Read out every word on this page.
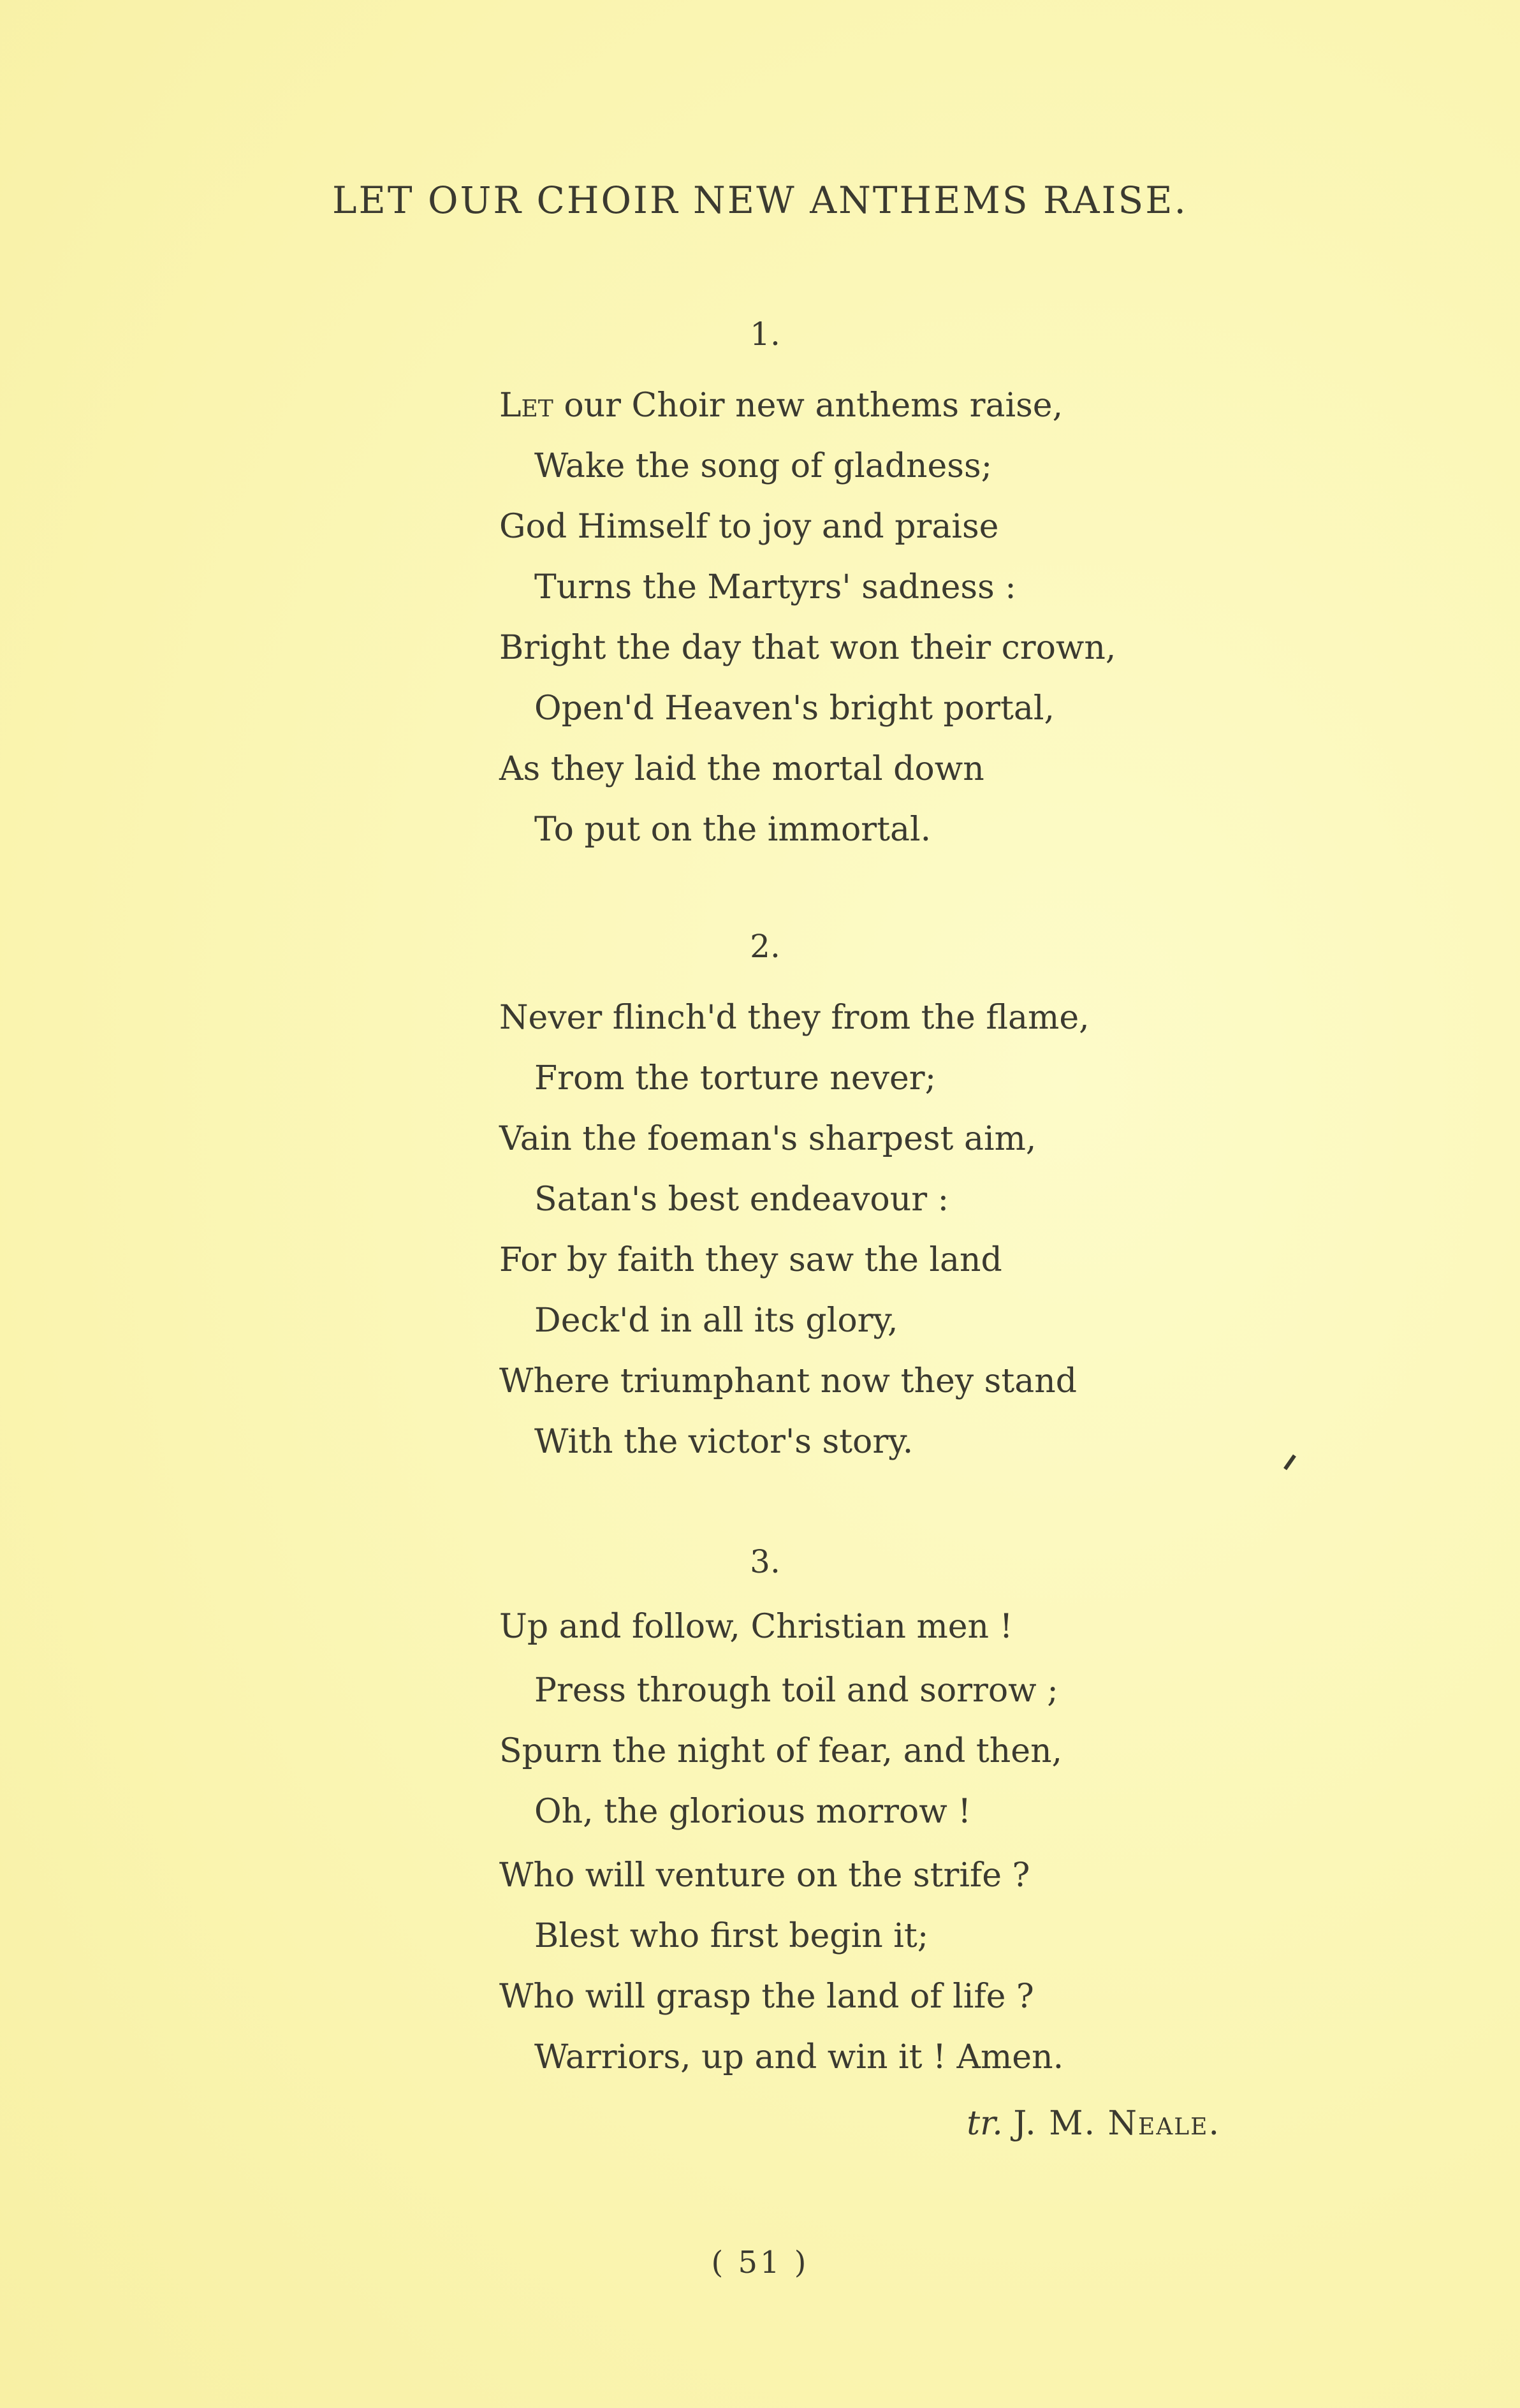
LET OUR CHOIR NEW ANTHEMS RAISE.
1.
Let our Choir new anthems raise,
Wake the song of gladness;
God Himself to joy and praise
Turns the Martyrs' sadness :
Bright the day that won their crown,
Open'd Heaven's bright portal,
As they laid the mortal down
To put on the immortal.
2.
Never flinch'd they from the flame,
From the torture never;
Vain the foeman's sharpest aim,
Satan's best endeavour :
For by faith they saw the land
Deck'd in all its glory,
Where triumphant now they stand
With the victor's story.
3.
Up and follow, Christian men !
Press through toil and sorrow ;
Spurn the night of fear, and then,
Oh, the glorious morrow !
Who will venture on the strife ?
Blest who first begin it;
Who will grasp the land of life ?
Warriors, up and win it ! Amen.
tr. J. M. Neale.
( 51 )
